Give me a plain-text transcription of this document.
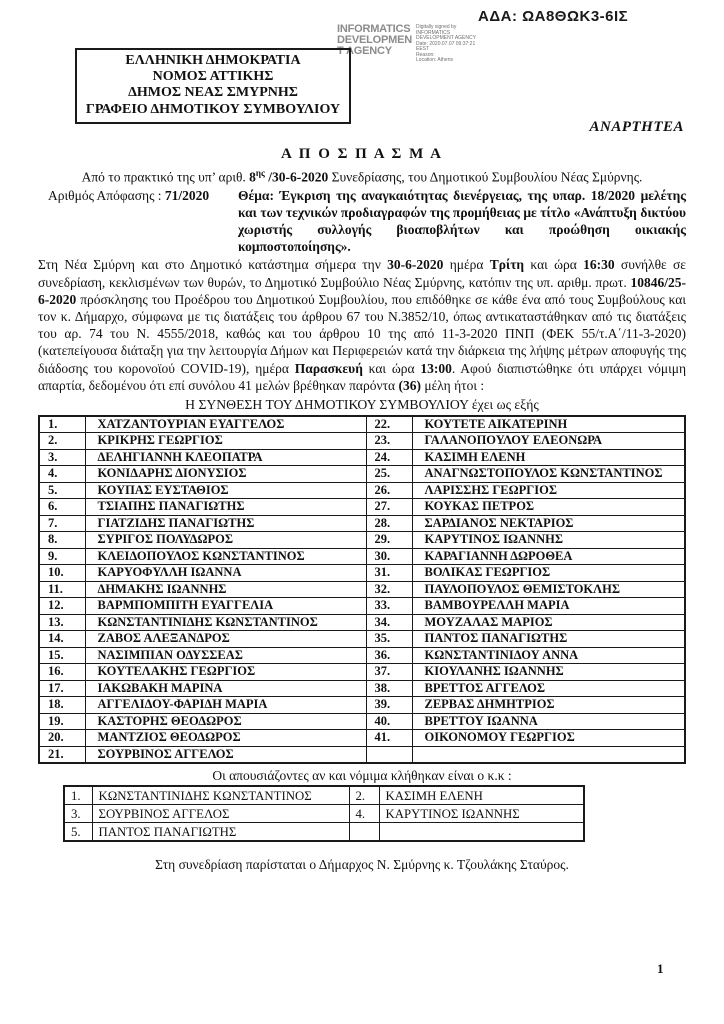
ΑΔΑ: ΩΑ8ΘΩΚ3-6ΙΣ
INFORMATICS
DEVELOPMEN
T AGENCY
Digitally signed by
INFORMATICS
DEVELOPMENT AGENCY
Date: 2020.07.07 09:37:21
EEST
Reason:
Location: Athens
ΕΛΛΗΝΙΚΗ ΔΗΜΟΚΡΑΤΙΑ
ΝΟΜΟΣ ΑΤΤΙΚΗΣ
ΔΗΜΟΣ ΝΕΑΣ ΣΜΥΡΝΗΣ
ΓΡΑΦΕΙΟ ΔΗΜΟΤΙΚΟΥ ΣΥΜΒΟΥΛΙΟΥ
ΑΝΑΡΤΗΤΕΑ
Α Π Ο Σ Π Α Σ Μ Α
Από το πρακτικό της υπ’ αριθ. $8^{\eta\varsigma}$ /30-6-2020 Συνεδρίασης, του Δημοτικού Συμβουλίου Νέας Σμύρνης.
Αριθμός Απόφασης : 71/2020	Θέμα: Έγκριση της αναγκαιότητας διενέργειας, της υπαρ. 18/2020 μελέτης και των τεχνικών προδιαγραφών της προμήθειας με τίτλο «Ανάπτυξη δικτύου χωριστής συλλογής βιοαποβλήτων και προώθηση οικιακής κομποστοποίησης».
Στη Νέα Σμύρνη και στο Δημοτικό κατάστημα σήμερα την 30-6-2020 ημέρα Τρίτη και ώρα 16:30 συνήλθε σε συνεδρίαση, κεκλισμένων των θυρών, το Δημοτικό Συμβούλιο Νέας Σμύρνης, κατόπιν της υπ. αριθμ. πρωτ. 10846/25-6-2020 πρόσκλησης του Προέδρου του Δημοτικού Συμβουλίου, που επιδόθηκε σε κάθε ένα από τους Συμβούλους και τον κ. Δήμαρχο, σύμφωνα με τις διατάξεις του άρθρου 67 του Ν.3852/10, όπως αντικαταστάθηκαν από τις διατάξεις του αρ. 74 του Ν. 4555/2018, καθώς και του άρθρου 10 της από 11-3-2020 ΠΝΠ (ΦΕΚ 55/τ.Α΄/11-3-2020) (κατεπείγουσα διάταξη για την λειτουργία Δήμων και Περιφερειών κατά την διάρκεια της λήψης μέτρων αποφυγής της διάδοσης του κορονοϊού COVID-19), ημέρα Παρασκευή και ώρα 13:00. Αφού διαπιστώθηκε ότι υπάρχει νόμιμη απαρτία, δεδομένου ότι επί συνόλου 41 μελών βρέθηκαν παρόντα (36) μέλη ήτοι :
Η ΣΥΝΘΕΣΗ ΤΟΥ ΔΗΜΟΤΙΚΟΥ ΣΥΜΒΟΥΛΙΟΥ έχει ως εξής
1.	ΧΑΤΖΑΝΤΟΥΡΙΑΝ ΕΥΑΓΓΕΛΟΣ	22.	ΚΟΥΤΕΤΕ ΑΙΚΑΤΕΡΙΝΗ
2.	ΚΡΙΚΡΗΣ ΓΕΩΡΓΙΟΣ	23.	ΓΑΛΑΝΟΠΟΥΛΟΥ ΕΛΕΟΝΩΡΑ
3.	ΔΕΛΗΓΙΑΝΝΗ ΚΛΕΟΠΑΤΡΑ	24.	ΚΑΣΙΜΗ ΕΛΕΝΗ
4.	ΚΟΝΙΔΑΡΗΣ ΔΙΟΝΥΣΙΟΣ	25.	ΑΝΑΓΝΩΣΤΟΠΟΥΛΟΣ ΚΩΝΣΤΑΝΤΙΝΟΣ
5.	ΚΟΥΠΑΣ ΕΥΣΤΑΘΙΟΣ	26.	ΛΑΡΙΣΣΗΣ ΓΕΩΡΓΙΟΣ
6.	ΤΣΙΑΠΗΣ ΠΑΝΑΓΙΩΤΗΣ	27.	ΚΟΥΚΑΣ ΠΕΤΡΟΣ
7.	ΓΙΑΤΖΙΔΗΣ ΠΑΝΑΓΙΩΤΗΣ	28.	ΣΑΡΔΙΑΝΟΣ ΝΕΚΤΑΡΙΟΣ
8.	ΣΥΡΙΓΟΣ ΠΟΛΥΔΩΡΟΣ	29.	ΚΑΡΥΤΙΝΟΣ ΙΩΑΝΝΗΣ
9.	ΚΛΕΙΔΟΠΟΥΛΟΣ ΚΩΝΣΤΑΝΤΙΝΟΣ	30.	ΚΑΡΑΓΙΑΝΝΗ ΔΩΡΟΘΕΑ
10.	ΚΑΡΥΟΦΥΛΛΗ ΙΩΑΝΝΑ	31.	ΒΟΛΙΚΑΣ ΓΕΩΡΓΙΟΣ
11.	ΔΗΜΑΚΗΣ ΙΩΑΝΝΗΣ	32.	ΠΑΥΛΟΠΟΥΛΟΣ ΘΕΜΙΣΤΟΚΛΗΣ
12.	ΒΑΡΜΠΟΜΠΙΤΗ ΕΥΑΓΓΕΛΙΑ	33.	ΒΑΜΒΟΥΡΕΛΛΗ ΜΑΡΙΑ
13.	ΚΩΝΣΤΑΝΤΙΝΙΔΗΣ ΚΩΝΣΤΑΝΤΙΝΟΣ	34.	ΜΟΥΖΑΛΑΣ ΜΑΡΙΟΣ
14.	ΖΑΒΟΣ ΑΛΕΞΑΝΔΡΟΣ	35.	ΠΑΝΤΟΣ ΠΑΝΑΓΙΩΤΗΣ
15.	ΝΑΣΙΜΠΙΑΝ ΟΔΥΣΣΕΑΣ	36.	ΚΩΝΣΤΑΝΤΙΝΙΔΟΥ ΑΝΝΑ
16.	ΚΟΥΤΕΛΑΚΗΣ ΓΕΩΡΓΙΟΣ	37.	ΚΙΟΥΛΑΝΗΣ ΙΩΑΝΝΗΣ
17.	ΙΑΚΩΒΑΚΗ ΜΑΡΙΝΑ	38.	ΒΡΕΤΤΟΣ ΑΓΓΕΛΟΣ
18.	ΑΓΓΕΛΙΔΟΥ-ΦΑΡΙΔΗ ΜΑΡΙΑ	39.	ΖΕΡΒΑΣ ΔΗΜΗΤΡΙΟΣ
19.	ΚΑΣΤΟΡΗΣ ΘΕΟΔΩΡΟΣ	40.	ΒΡΕΤΤΟΥ ΙΩΑΝΝΑ
20.	ΜΑΝΤΖΙΟΣ ΘΕΟΔΩΡΟΣ	41.	ΟΙΚΟΝΟΜΟΥ ΓΕΩΡΓΙΟΣ
21.	ΣΟΥΡΒΙΝΟΣ ΑΓΓΕΛΟΣ		
Οι απουσιάζοντες αν και νόμιμα κλήθηκαν είναι ο κ.κ :
1.	ΚΩΝΣΤΑΝΤΙΝΙΔΗΣ ΚΩΝΣΤΑΝΤΙΝΟΣ	2.	ΚΑΣΙΜΗ ΕΛΕΝΗ
3.	ΣΟΥΡΒΙΝΟΣ ΑΓΓΕΛΟΣ	4.	ΚΑΡΥΤΙΝΟΣ ΙΩΑΝΝΗΣ
5.	ΠΑΝΤΟΣ ΠΑΝΑΓΙΩΤΗΣ		
Στη συνεδρίαση παρίσταται ο Δήμαρχος Ν. Σμύρνης κ. Τζουλάκης Σταύρος.
1
